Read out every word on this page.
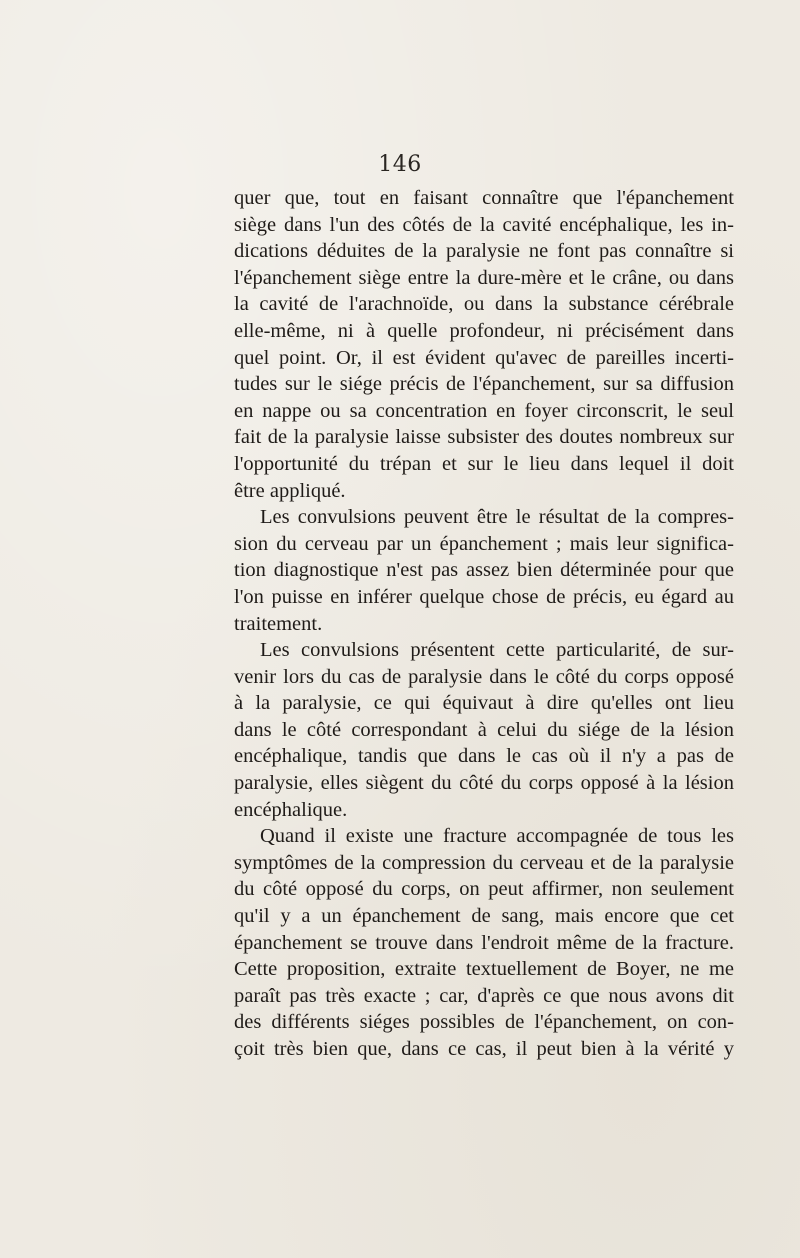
146
quer que, tout en faisant connaître que l'épanchement
siège dans l'un des côtés de la cavité encéphalique, les in-
dications déduites de la paralysie ne font pas connaître si
l'épanchement siège entre la dure-mère et le crâne, ou dans
la cavité de l'arachnoïde, ou dans la substance cérébrale
elle-même, ni à quelle profondeur, ni précisément dans
quel point. Or, il est évident qu'avec de pareilles incerti-
tudes sur le siége précis de l'épanchement, sur sa diffusion
en nappe ou sa concentration en foyer circonscrit, le seul
fait de la paralysie laisse subsister des doutes nombreux sur
l'opportunité du trépan et sur le lieu dans lequel il doit
être appliqué.
Les convulsions peuvent être le résultat de la compres-
sion du cerveau par un épanchement ; mais leur significa-
tion diagnostique n'est pas assez bien déterminée pour que
l'on puisse en inférer quelque chose de précis, eu égard au
traitement.
Les convulsions présentent cette particularité, de sur-
venir lors du cas de paralysie dans le côté du corps opposé
à la paralysie, ce qui équivaut à dire qu'elles ont lieu
dans le côté correspondant à celui du siége de la lésion
encéphalique, tandis que dans le cas où il n'y a pas de
paralysie, elles siègent du côté du corps opposé à la lésion
encéphalique.
Quand il existe une fracture accompagnée de tous les
symptômes de la compression du cerveau et de la paralysie
du côté opposé du corps, on peut affirmer, non seulement
qu'il y a un épanchement de sang, mais encore que cet
épanchement se trouve dans l'endroit même de la fracture.
Cette proposition, extraite textuellement de Boyer, ne me
paraît pas très exacte ; car, d'après ce que nous avons dit
des différents siéges possibles de l'épanchement, on con-
çoit très bien que, dans ce cas, il peut bien à la vérité y
